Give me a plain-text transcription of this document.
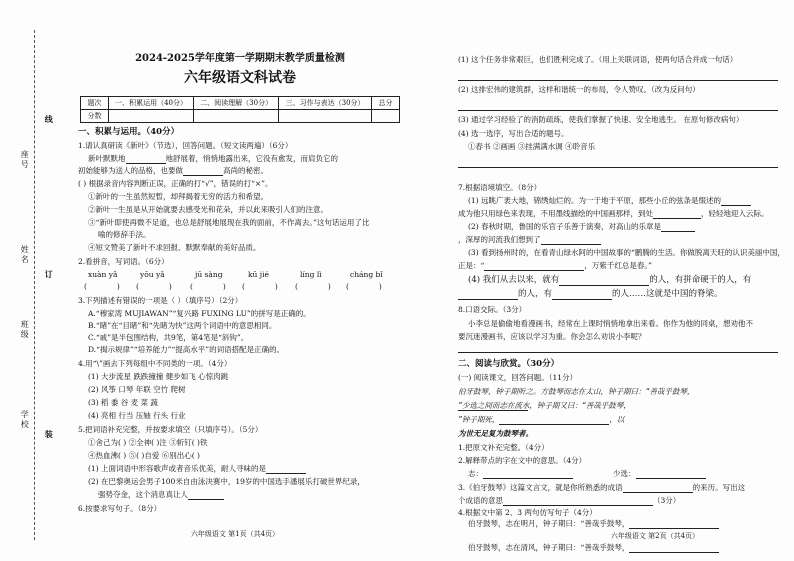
学校
班级
姓名
座号
线
订
装
2024-2025学年度第一学期期末教学质量检测
六年级语文科试卷
题次	一、积累运用（40分）	二、阅读理解（30分）	三、习作与表达（30分）	总分
分数				
一、积累与运用。（40分）
1.请认真研读《新叶》（节选），回答问题。（短文读两遍）（6分）
新叶默默地	地舒展着，悄悄地露出来，它没有愈发，而肩负它的
初始能够为送人的品格，也要做	高尚的秘密。
( ) 根据录音内容判断正误，正确的打“√”，错误的打“×”。
①新叶的一生虽然短暂，却拜揭着无穷的活力和希望。
②新叶一生虽是从开始就要去感受光和花朵，并以此来吸引人们的注意。
③“新叶即使再微不足道，也总是舒展地展现在我的面前，不作离去。”这句话运用了比
喻的修辞手法。
④短文赞美了新叶不求回报、默默奉献的美好品质。
2.看拼音，写词语。（6分）
xuàn yǎ	yōu yǎ	jū sàng	kū jié	líng lì	cháng bǐ
(　　　　) (　　　　) (　　　　) (　　　　) (　　　　) (　　　　)
3.下列描述有错误的一项是（ ）（填序号）（2分）
A.“穆家湾 MUJIAWAN”“复兴路 FUXING LU”的拼写是正确的。
B.“睹”在“目睹”和“先睹为快”这两个词语中的意思相同。
C.“戚”是半包围结构，共9笔，第4笔是“斜钩”。
D.“揭示规律”“培养能力”“提高水平”的词语搭配是正确的。
4.用“\”画去下列每组中不同类的一项。（4分）
(1) 大步流星 跌跌撞撞 健步如飞 心惊肉跳
(2) 风筝 口琴 年联 空竹 爬树
(3) 稻 黍 谷 麦 菜 蔬
(4) 亮相 行当 压轴 行头 行业
5.把词语补充完整，并按要求填空（只填序号）。（5分）
①舍己为( ) ②全神( )注 ③斩钉( )铁
④热血沸( ) ⑤( )自爱 ⑥别出心( )
(1) 上面词语中形容歌声或者音乐优美，耐人寻味的是
(2) 在巴黎奥运会男子100米自由泳决赛中，19岁的中国选手潘展乐打破世界纪录，
强势夺金，这个消息真让人
6.按要求写句子。（8分）
六年级语文 第1页（共4页）
(1) 这个任务非常艰巨，也们胜利完成了。（用上关联词语，使两句话合并成一句话）
(2) 这排宏伟的建筑群，这样和谐统一的布局，令人赞叹。（改为反问句）
(3) 通过学习经验了的消防疏练，使我们掌握了快速、安全地逃生。 在原句修改病句）
(4) 选一选序，写出合适的题号。
①春书 ②画画 ③挂满满水调 ④聆音乐
7.根据语境填空。（8分）
(1) 远眺广袤大地，锦绣灿烂的。为一于地于平原，那些小丘的弦条是缀述的
成为他只用绿色来表现，不用墨线描绘的中国画那样，到处	，轻轻地迎入云际。
(2) 春秋时期，鲁国的乐官子乐善于演奏，对高山的乐章是
，深厚的河流我们想到了
(3) 看到扬州时的，在看青山绿水阿的中国故事的“鹏腾的生活。你做脱离天旺的认识美丽中国，
正是：“	，万紫千红总是春。”
(4) 我们从去以来，就有	的人，有拼命硬干的人，有
的人，有	的人……这就是中国的脊梁。
8.口语交际。（3分）
小李总是偷偷地看漫画书，经常在上课时悄悄地拿出来看。你作为他的同桌，想劝他不
要沉迷漫画书，应该以学习为重。你会怎么劝说小李呢？
二、阅读与欣赏。（30分）
(一) 阅读课文，回答问题。（11分）
伯牙鼓琴，钟子期听之。方鼓琴而志在太山，钟子期曰：“善哉乎鼓琴，
”少选之间而志在流水，钟子期又曰：“善哉乎鼓琴，
”钟子期死，	，以
为世无足复为鼓琴者。
1.把原文补充完整。（4分）
2.解释带点的字在文中的意思。（4分）
志：	少选：
3.《伯牙鼓琴》这篇文言文，就是你所熟悉的成语	的来历。写出这
个成语的意思	（3分）
4.根据文中第 2、3 两句仿写句子（4分）
伯牙鼓琴，志在明月，钟子期曰：“善哉乎鼓琴，
伯牙鼓琴，志在清风，钟子期曰：“善哉乎鼓琴，
六年级语文 第2页（共4页）
